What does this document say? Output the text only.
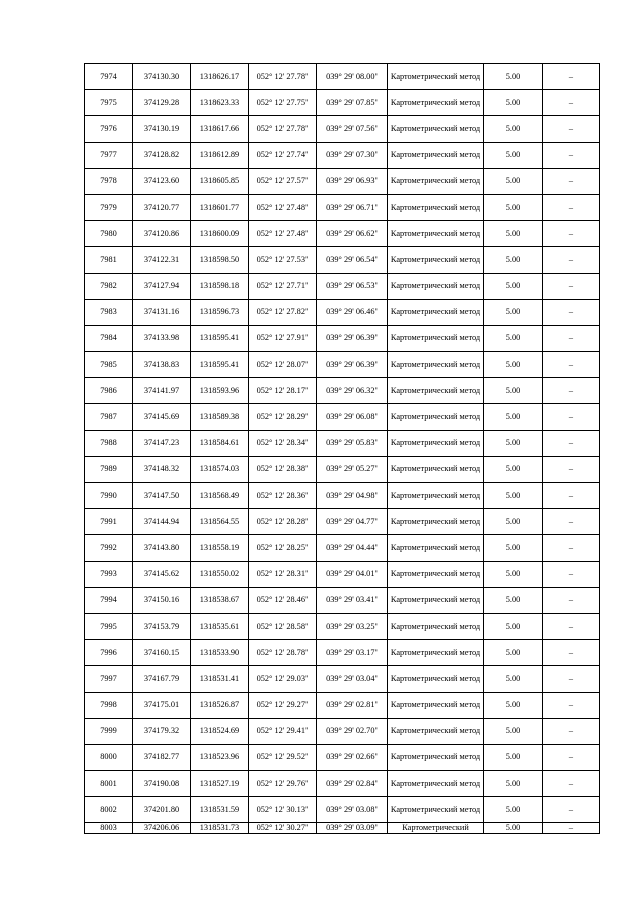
7974	374130.30	1318626.17	052° 12' 27.78"	039° 29' 08.00"	Картометрический метод	5.00	–
7975	374129.28	1318623.33	052° 12' 27.75"	039° 29' 07.85"	Картометрический метод	5.00	–
7976	374130.19	1318617.66	052° 12' 27.78"	039° 29' 07.56"	Картометрический метод	5.00	–
7977	374128.82	1318612.89	052° 12' 27.74"	039° 29' 07.30"	Картометрический метод	5.00	–
7978	374123.60	1318605.85	052° 12' 27.57"	039° 29' 06.93"	Картометрический метод	5.00	–
7979	374120.77	1318601.77	052° 12' 27.48"	039° 29' 06.71"	Картометрический метод	5.00	–
7980	374120.86	1318600.09	052° 12' 27.48"	039° 29' 06.62"	Картометрический метод	5.00	–
7981	374122.31	1318598.50	052° 12' 27.53"	039° 29' 06.54"	Картометрический метод	5.00	–
7982	374127.94	1318598.18	052° 12' 27.71"	039° 29' 06.53"	Картометрический метод	5.00	–
7983	374131.16	1318596.73	052° 12' 27.82"	039° 29' 06.46"	Картометрический метод	5.00	–
7984	374133.98	1318595.41	052° 12' 27.91"	039° 29' 06.39"	Картометрический метод	5.00	–
7985	374138.83	1318595.41	052° 12' 28.07"	039° 29' 06.39"	Картометрический метод	5.00	–
7986	374141.97	1318593.96	052° 12' 28.17"	039° 29' 06.32"	Картометрический метод	5.00	–
7987	374145.69	1318589.38	052° 12' 28.29"	039° 29' 06.08"	Картометрический метод	5.00	–
7988	374147.23	1318584.61	052° 12' 28.34"	039° 29' 05.83"	Картометрический метод	5.00	–
7989	374148.32	1318574.03	052° 12' 28.38"	039° 29' 05.27"	Картометрический метод	5.00	–
7990	374147.50	1318568.49	052° 12' 28.36"	039° 29' 04.98"	Картометрический метод	5.00	–
7991	374144.94	1318564.55	052° 12' 28.28"	039° 29' 04.77"	Картометрический метод	5.00	–
7992	374143.80	1318558.19	052° 12' 28.25"	039° 29' 04.44"	Картометрический метод	5.00	–
7993	374145.62	1318550.02	052° 12' 28.31"	039° 29' 04.01"	Картометрический метод	5.00	–
7994	374150.16	1318538.67	052° 12' 28.46"	039° 29' 03.41"	Картометрический метод	5.00	–
7995	374153.79	1318535.61	052° 12' 28.58"	039° 29' 03.25"	Картометрический метод	5.00	–
7996	374160.15	1318533.90	052° 12' 28.78"	039° 29' 03.17"	Картометрический метод	5.00	–
7997	374167.79	1318531.41	052° 12' 29.03"	039° 29' 03.04"	Картометрический метод	5.00	–
7998	374175.01	1318526.87	052° 12' 29.27"	039° 29' 02.81"	Картометрический метод	5.00	–
7999	374179.32	1318524.69	052° 12' 29.41"	039° 29' 02.70"	Картометрический метод	5.00	–
8000	374182.77	1318523.96	052° 12' 29.52"	039° 29' 02.66"	Картометрический метод	5.00	–
8001	374190.08	1318527.19	052° 12' 29.76"	039° 29' 02.84"	Картометрический метод	5.00	–
8002	374201.80	1318531.59	052° 12' 30.13"	039° 29' 03.08"	Картометрический метод	5.00	–
8003	374206.06	1318531.73	052° 12' 30.27"	039° 29' 03.09"	Картометрический	5.00	–
